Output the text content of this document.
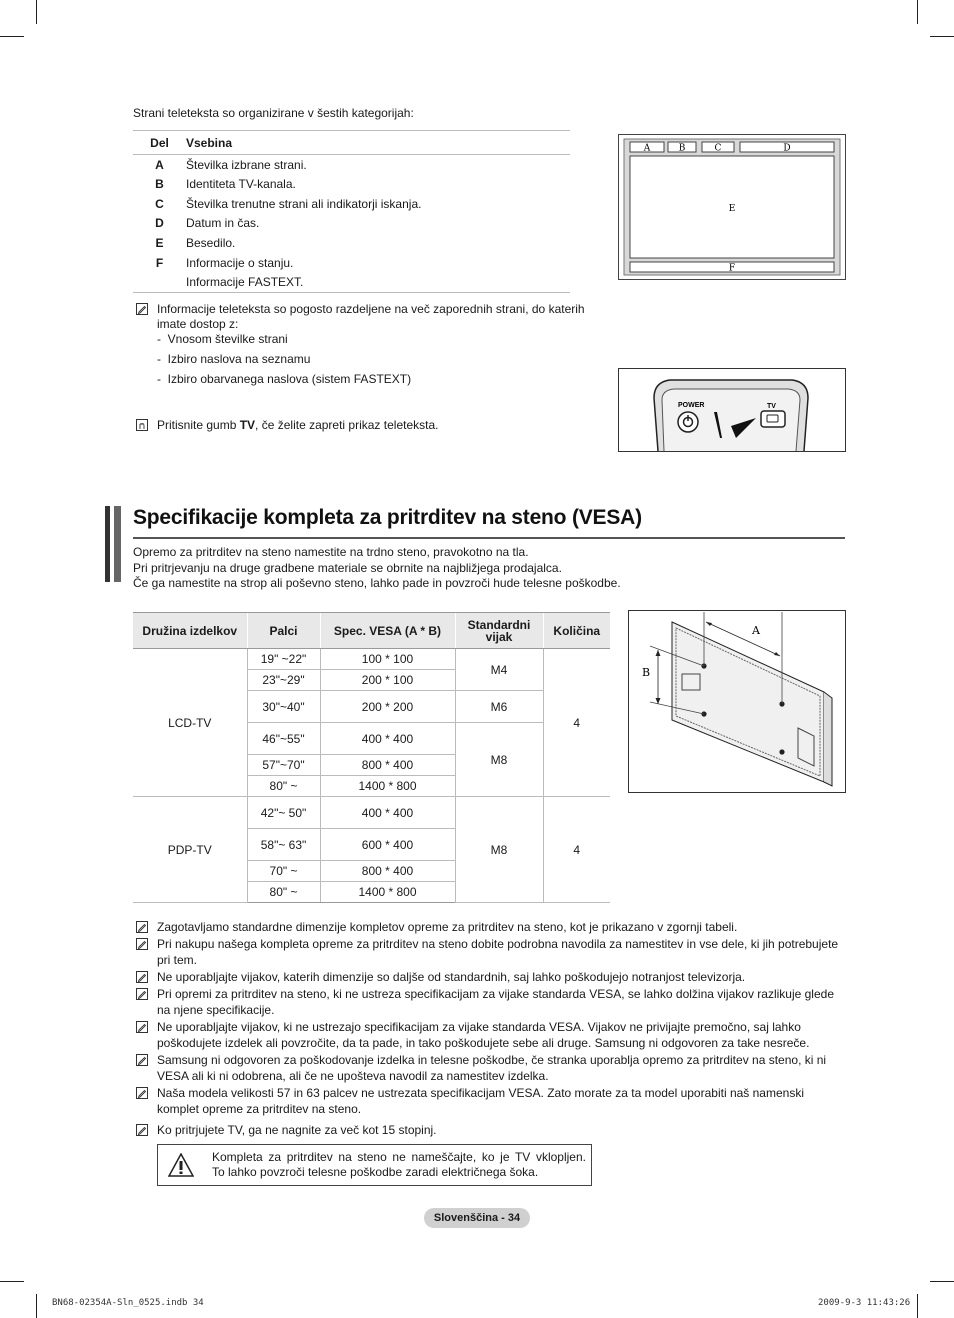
Strani teleteksta so organizirane v šestih kategorijah:
Del	Vsebina
A	Številka izbrane strani.
B	Identiteta TV-kanala.
C	Številka trenutne strani ali indikatorji iskanja.
D	Datum in čas.
E	Besedilo.
F	Informacije o stanju.
	Informacije FASTEXT.
A	B	C	D
E
F
Informacije teleteksta so pogosto razdeljene na več zaporednih strani, do katerih imate dostop z:
-  Vnosom številke strani
-  Izbiro naslova na seznamu
-  Izbiro obarvanega naslova (sistem FASTEXT)
Pritisnite gumb TV, če želite zapreti prikaz teleteksta.
POWER	TV
Specifikacije kompleta za pritrditev na steno (VESA)
Opremo za pritrditev na steno namestite na trdno steno, pravokotno na tla.
Pri pritrjevanju na druge gradbene materiale se obrnite na najbližjega prodajalca.
Če ga namestite na strop ali poševno steno, lahko pade in povzroči hude telesne poškodbe.
Družina izdelkov	Palci	Spec. VESA (A * B)	Standardni vijak	Količina
LCD-TV	19" ~22"	100 * 100	M4	4
	23"~29"	200 * 100		
	30"~40"	200 * 200	M6	
	46"~55"	400 * 400	M8	
	57"~70"	800 * 400		
	80" ~	1400 * 800		
PDP-TV	42"~ 50"	400 * 400	M8	4
	58"~ 63"	600 * 400		
	70" ~	800 * 400		
	80" ~	1400 * 800		
A
B
Zagotavljamo standardne dimenzije kompletov opreme za pritrditev na steno, kot je prikazano v zgornji tabeli.
Pri nakupu našega kompleta opreme za pritrditev na steno dobite podrobna navodila za namestitev in vse dele, ki jih potrebujete pri tem.
Ne uporabljajte vijakov, katerih dimenzije so daljše od standardnih, saj lahko poškodujejo notranjost televizorja.
Pri opremi za pritrditev na steno, ki ne ustreza specifikacijam za vijake standarda VESA, se lahko dolžina vijakov razlikuje glede na njene specifikacije.
Ne uporabljajte vijakov, ki ne ustrezajo specifikacijam za vijake standarda VESA. Vijakov ne privijajte premočno, saj lahko poškodujete izdelek ali povzročite, da ta pade, in tako poškodujete sebe ali druge. Samsung ni odgovoren za take nesreče.
Samsung ni odgovoren za poškodovanje izdelka in telesne poškodbe, če stranka uporablja opremo za pritrditev na steno, ki ni VESA ali ki ni odobrena, ali če ne upošteva navodil za namestitev izdelka.
Naša modela velikosti 57 in 63 palcev ne ustrezata specifikacijam VESA. Zato morate za ta model uporabiti naš namenski komplet opreme za pritrditev na steno.
Ko pritrjujete TV, ga ne nagnite za več kot 15 stopinj.
Kompleta za pritrditev na steno ne nameščajte, ko je TV vklopljen.
To lahko povzroči telesne poškodbe zaradi električnega šoka.
Slovenščina - 34
BN68-02354A-Sln_0525.indb 34	2009-9-3 11:43:26
